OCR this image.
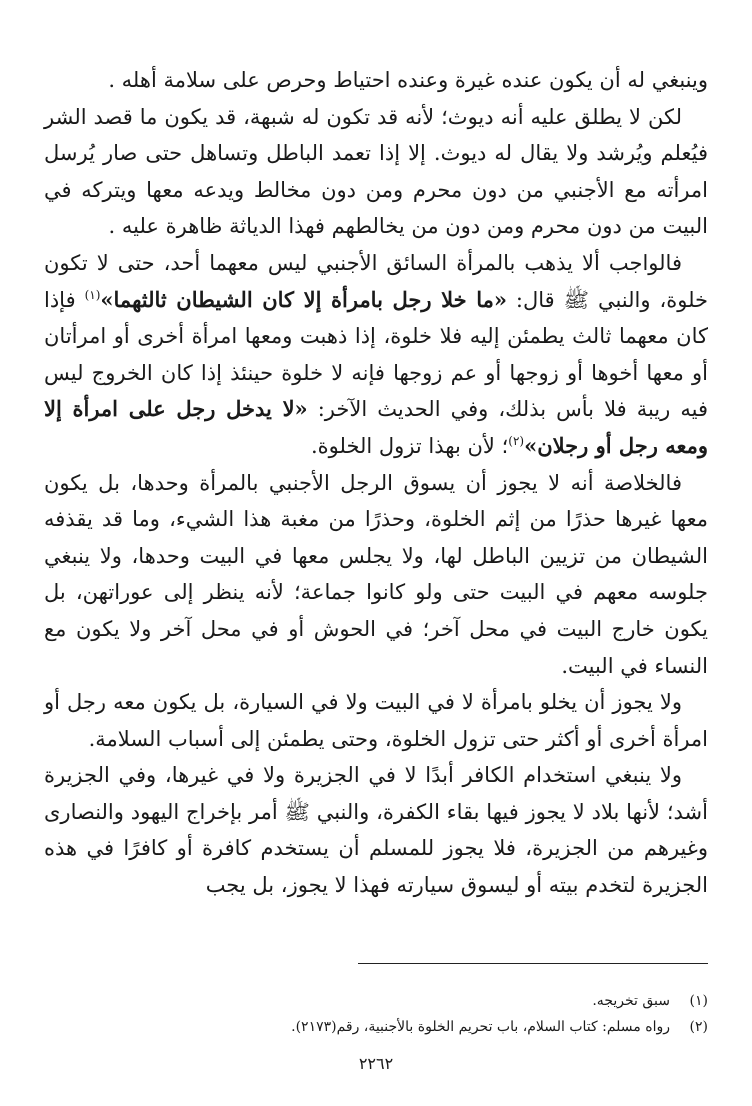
وينبغي له أن يكون عنده غيرة وعنده احتياط وحرص على سلامة أهله .

لكن لا يطلق عليه أنه ديوث؛ لأنه قد تكون له شبهة، قد يكون ما قصد الشر فيُعلم ويُرشد ولا يقال له ديوث. إلا إذا تعمد الباطل وتساهل حتى صار يُرسل امرأته مع الأجنبي من دون محرم ومن دون مخالط ويدعه معها ويتركه في البيت من دون محرم ومن دون من يخالطهم فهذا الدياثة ظاهرة عليه .

فالواجب ألا يذهب بالمرأة السائق الأجنبي ليس معهما أحد، حتى لا تكون خلوة، والنبي ﷺ قال: «ما خلا رجل بامرأة إلا كان الشيطان ثالثهما»$^{(١)}$ فإذا كان معهما ثالث يطمئن إليه فلا خلوة، إذا ذهبت ومعها امرأة أخرى أو امرأتان أو معها أخوها أو زوجها أو عم زوجها فإنه لا خلوة حينئذ إذا كان الخروج ليس فيه ريبة فلا بأس بذلك، وفي الحديث الآخر: «لا يدخل رجل على امرأة إلا ومعه رجل أو رجلان»$^{(٢)}$؛ لأن بهذا تزول الخلوة.

فالخلاصة أنه لا يجوز أن يسوق الرجل الأجنبي بالمرأة وحدها، بل يكون معها غيرها حذرًا من إثم الخلوة، وحذرًا من مغبة هذا الشيء، وما قد يقذفه الشيطان من تزيين الباطل لها، ولا يجلس معها في البيت وحدها، ولا ينبغي جلوسه معهم في البيت حتى ولو كانوا جماعة؛ لأنه ينظر إلى عوراتهن، بل يكون خارج البيت في محل آخر؛ في الحوش أو في محل آخر ولا يكون مع النساء في البيت.

ولا يجوز أن يخلو بامرأة لا في البيت ولا في السيارة، بل يكون معه رجل أو امرأة أخرى أو أكثر حتى تزول الخلوة، وحتى يطمئن إلى أسباب السلامة.

ولا ينبغي استخدام الكافر أبدًا لا في الجزيرة ولا في غيرها، وفي الجزيرة أشد؛ لأنها بلاد لا يجوز فيها بقاء الكفرة، والنبي ﷺ أمر بإخراج اليهود والنصارى وغيرهم من الجزيرة، فلا يجوز للمسلم أن يستخدم كافرة أو كافرًا في هذه الجزيرة لتخدم بيته أو ليسوق سيارته فهذا لا يجوز، بل يجب

(١)
سبق تخريجه.
(٢)
رواه مسلم: كتاب السلام، باب تحريم الخلوة بالأجنبية، رقم(٢١٧٣).
٢٢٦٢
